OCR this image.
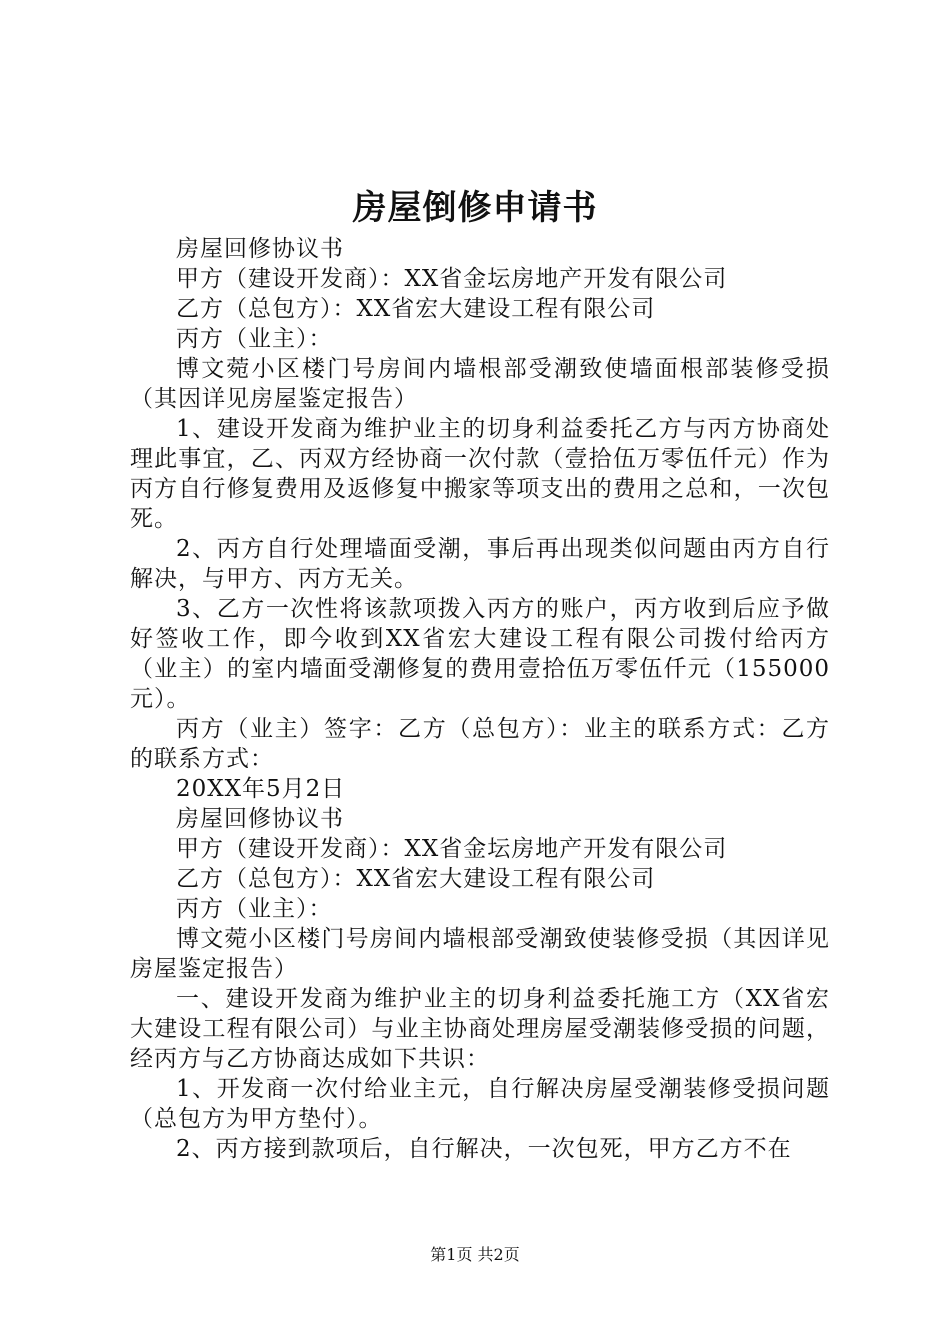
房屋倒修申请书

房屋回修协议书

甲方（建设开发商）：XX省金坛房地产开发有限公司

乙方（总包方）：XX省宏大建设工程有限公司

丙方（业主）：

博文菀小区楼门号房间内墙根部受潮致使墙面根部装修受损（其因详见房屋鉴定报告）

1、建设开发商为维护业主的切身利益委托乙方与丙方协商处理此事宜，乙、丙双方经协商一次付款（壹拾伍万零伍仟元）作为丙方自行修复费用及返修复中搬家等项支出的费用之总和，一次包死。

2、丙方自行处理墙面受潮，事后再出现类似问题由丙方自行解决，与甲方、丙方无关。

3、乙方一次性将该款项拨入丙方的账户，丙方收到后应予做好签收工作，即今收到XX省宏大建设工程有限公司拨付给丙方（业主）的室内墙面受潮修复的费用壹拾伍万零伍仟元（155000元）。

丙方（业主）签字：乙方（总包方）：业主的联系方式：乙方的联系方式：

20XX年5月2日

房屋回修协议书

甲方（建设开发商）：XX省金坛房地产开发有限公司

乙方（总包方）：XX省宏大建设工程有限公司

丙方（业主）：

博文菀小区楼门号房间内墙根部受潮致使装修受损（其因详见房屋鉴定报告）

一、建设开发商为维护业主的切身利益委托施工方（XX省宏大建设工程有限公司）与业主协商处理房屋受潮装修受损的问题，经丙方与乙方协商达成如下共识：

1、开发商一次付给业主元，自行解决房屋受潮装修受损问题（总包方为甲方垫付）。

2、丙方接到款项后，自行解决，一次包死，甲方乙方不在

第1页 共2页
